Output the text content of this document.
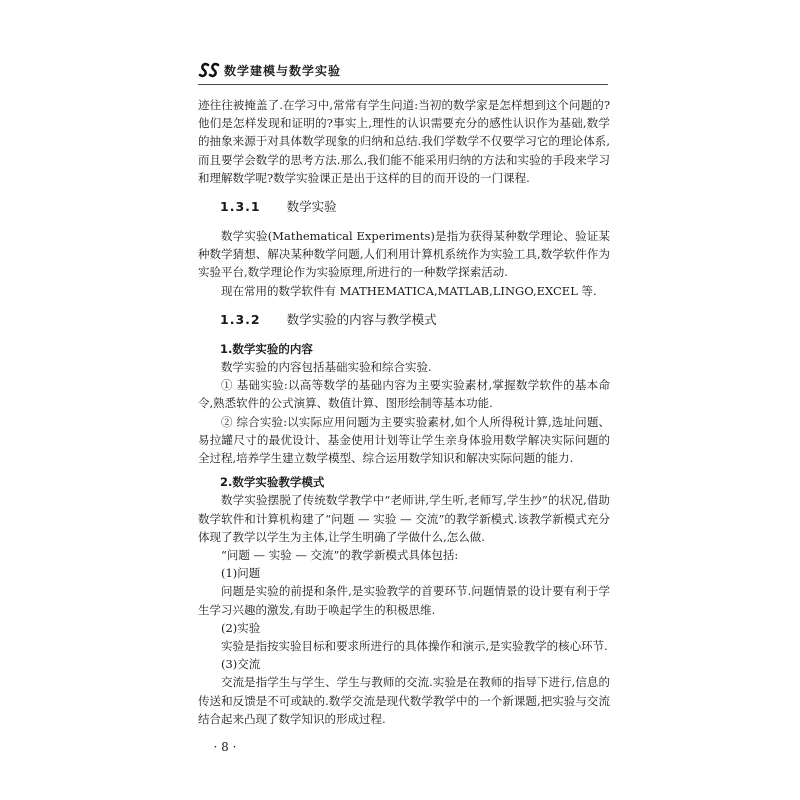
数学建模与数学实验

迹往往被掩盖了.在学习中,常常有学生问道:当初的数学家是怎样想到这个问题的?他们是怎样发现和证明的?事实上,理性的认识需要充分的感性认识作为基础,数学的抽象来源于对具体数学现象的归纳和总结.我们学数学不仅要学习它的理论体系,而且要学会数学的思考方法.那么,我们能不能采用归纳的方法和实验的手段来学习和理解数学呢?数学实验课正是出于这样的目的而开设的一门课程.

1.3.1 数学实验

数学实验(Mathematical Experiments)是指为获得某种数学理论、验证某种数学猜想、解决某种数学问题,人们利用计算机系统作为实验工具,数学软件作为实验平台,数学理论作为实验原理,所进行的一种数学探索活动.

现在常用的数学软件有 MATHEMATICA,MATLAB,LINGO,EXCEL 等.

1.3.2 数学实验的内容与教学模式
1.数学实验的内容

数学实验的内容包括基础实验和综合实验.

① 基础实验:以高等数学的基础内容为主要实验素材,掌握数学软件的基本命令,熟悉软件的公式演算、数值计算、图形绘制等基本功能.

② 综合实验:以实际应用问题为主要实验素材,如个人所得税计算,选址问题、易拉罐尺寸的最优设计、基金使用计划等让学生亲身体验用数学解决实际问题的全过程,培养学生建立数学模型、综合运用数学知识和解决实际问题的能力.

2.数学实验教学模式

数学实验摆脱了传统数学教学中“老师讲,学生听,老师写,学生抄”的状况,借助数学软件和计算机构建了“问题 — 实验 — 交流”的教学新模式.该教学新模式充分体现了教学以学生为主体,让学生明确了学做什么,怎么做.

“问题 — 实验 — 交流”的教学新模式具体包括:

(1)问题

问题是实验的前提和条件,是实验教学的首要环节.问题情景的设计要有利于学生学习兴趣的激发,有助于唤起学生的积极思维.

(2)实验

实验是指按实验目标和要求所进行的具体操作和演示,是实验教学的核心环节.

(3)交流

交流是指学生与学生、学生与教师的交流.实验是在教师的指导下进行,信息的传送和反馈是不可或缺的.数学交流是现代数学教学中的一个新课题,把实验与交流结合起来凸现了数学知识的形成过程.

· 8 ·
